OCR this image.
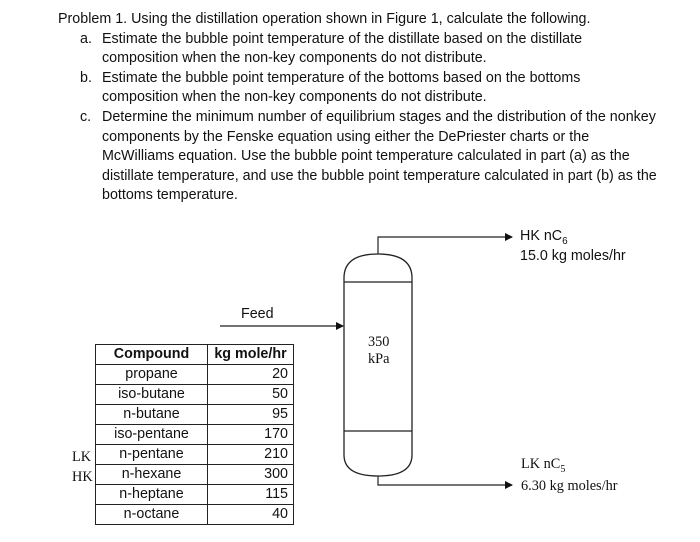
Problem 1. Using the distillation operation shown in Figure 1, calculate the following.

a. Estimate the bubble point temperature of the distillate based on the distillate composition when the non-key components do not distribute.
b. Estimate the bubble point temperature of the bottoms based on the bottoms composition when the non-key components do not distribute.
c. Determine the minimum number of equilibrium stages and the distribution of the nonkey components by the Fenske equation using either the DePriester charts or the McWilliams equation. Use the bubble point temperature calculated in part (a) as the distillate temperature, and use the bubble point temperature calculated in part (b) as the bottoms temperature.
Feed
350
kPa
HK $nC_6$
15.0 kg moles/hr
LK $nC_5$
6.30 kg moles/hr
LK
HK
Compound	kg mole/hr
propane	20
iso-butane	50
n-butane	95
iso-pentane	170
n-pentane	210
n-hexane	300
n-heptane	115
n-octane	40
